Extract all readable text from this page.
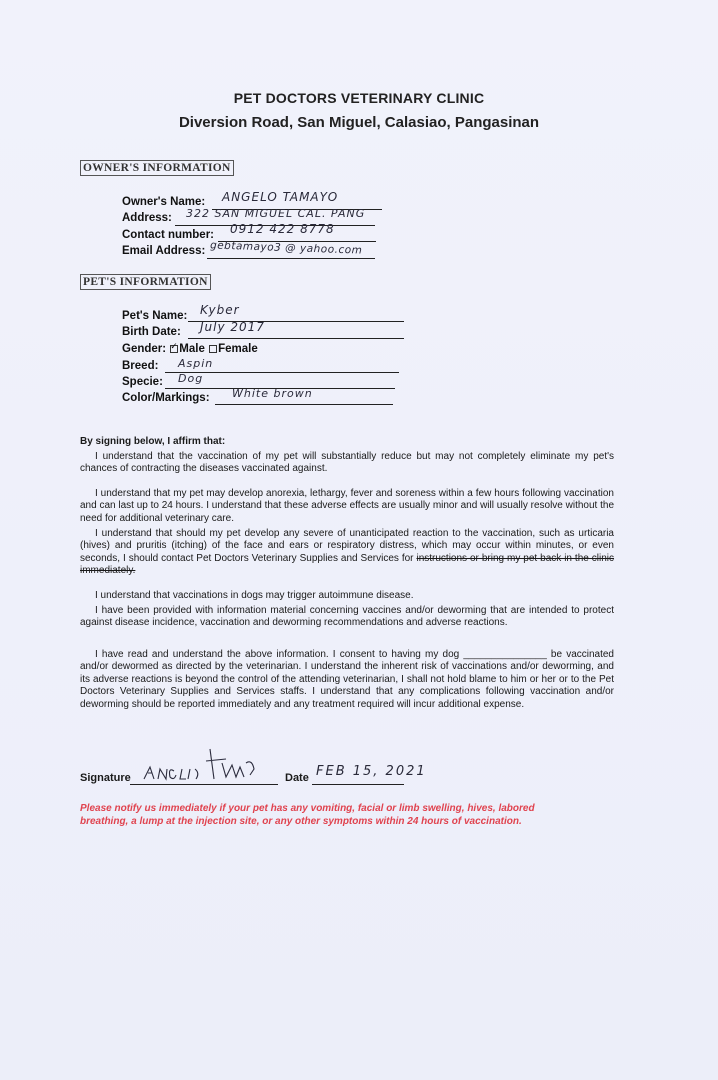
PET DOCTORS VETERINARY CLINIC
Diversion Road, San Miguel, Calasiao, Pangasinan
OWNER'S INFORMATION
Owner's Name: ANGELO TAMAYO
Address: 322 SAN MIGUEL CAL. PANG
Contact number: 0912 422 8778
Email Address: gebtamayo3 @ yahoo.com
PET'S INFORMATION
Pet's Name: Kyber
Birth Date: July 2017
Gender: ✓ Male Female
Breed: Aspin
Specie: Dog
Color/Markings: White brown
By signing below, I affirm that:
I understand that the vaccination of my pet will substantially reduce but may not completely eliminate my pet's chances of contracting the diseases vaccinated against.
I understand that my pet may develop anorexia, lethargy, fever and soreness within a few hours following vaccination and can last up to 24 hours. I understand that these adverse effects are usually minor and will usually resolve without the need for additional veterinary care.
I understand that should my pet develop any severe of unanticipated reaction to the vaccination, such as urticaria (hives) and pruritis (itching) of the face and ears or respiratory distress, which may occur within minutes, or even seconds, I should contact Pet Doctors Veterinary Supplies and Services for instructions or bring my pet back in the clinic immediately.
I understand that vaccinations in dogs may trigger autoimmune disease.
I have been provided with information material concerning vaccines and/or deworming that are intended to protect against disease incidence, vaccination and deworming recommendations and adverse reactions.
I have read and understand the above information. I consent to having my dog _______________ be vaccinated and/or dewormed as directed by the veterinarian. I understand the inherent risk of vaccinations and/or deworming, and its adverse reactions is beyond the control of the attending veterinarian, I shall not hold blame to him or her or to the Pet Doctors Veterinary Supplies and Services staffs. I understand that any complications following vaccination and/or deworming should be reported immediately and any treatment required will incur additional expense.
Signature	Date FEB 15, 2021
Please notify us immediately if your pet has any vomiting, facial or limb swelling, hives, labored breathing, a lump at the injection site, or any other symptoms within 24 hours of vaccination.
